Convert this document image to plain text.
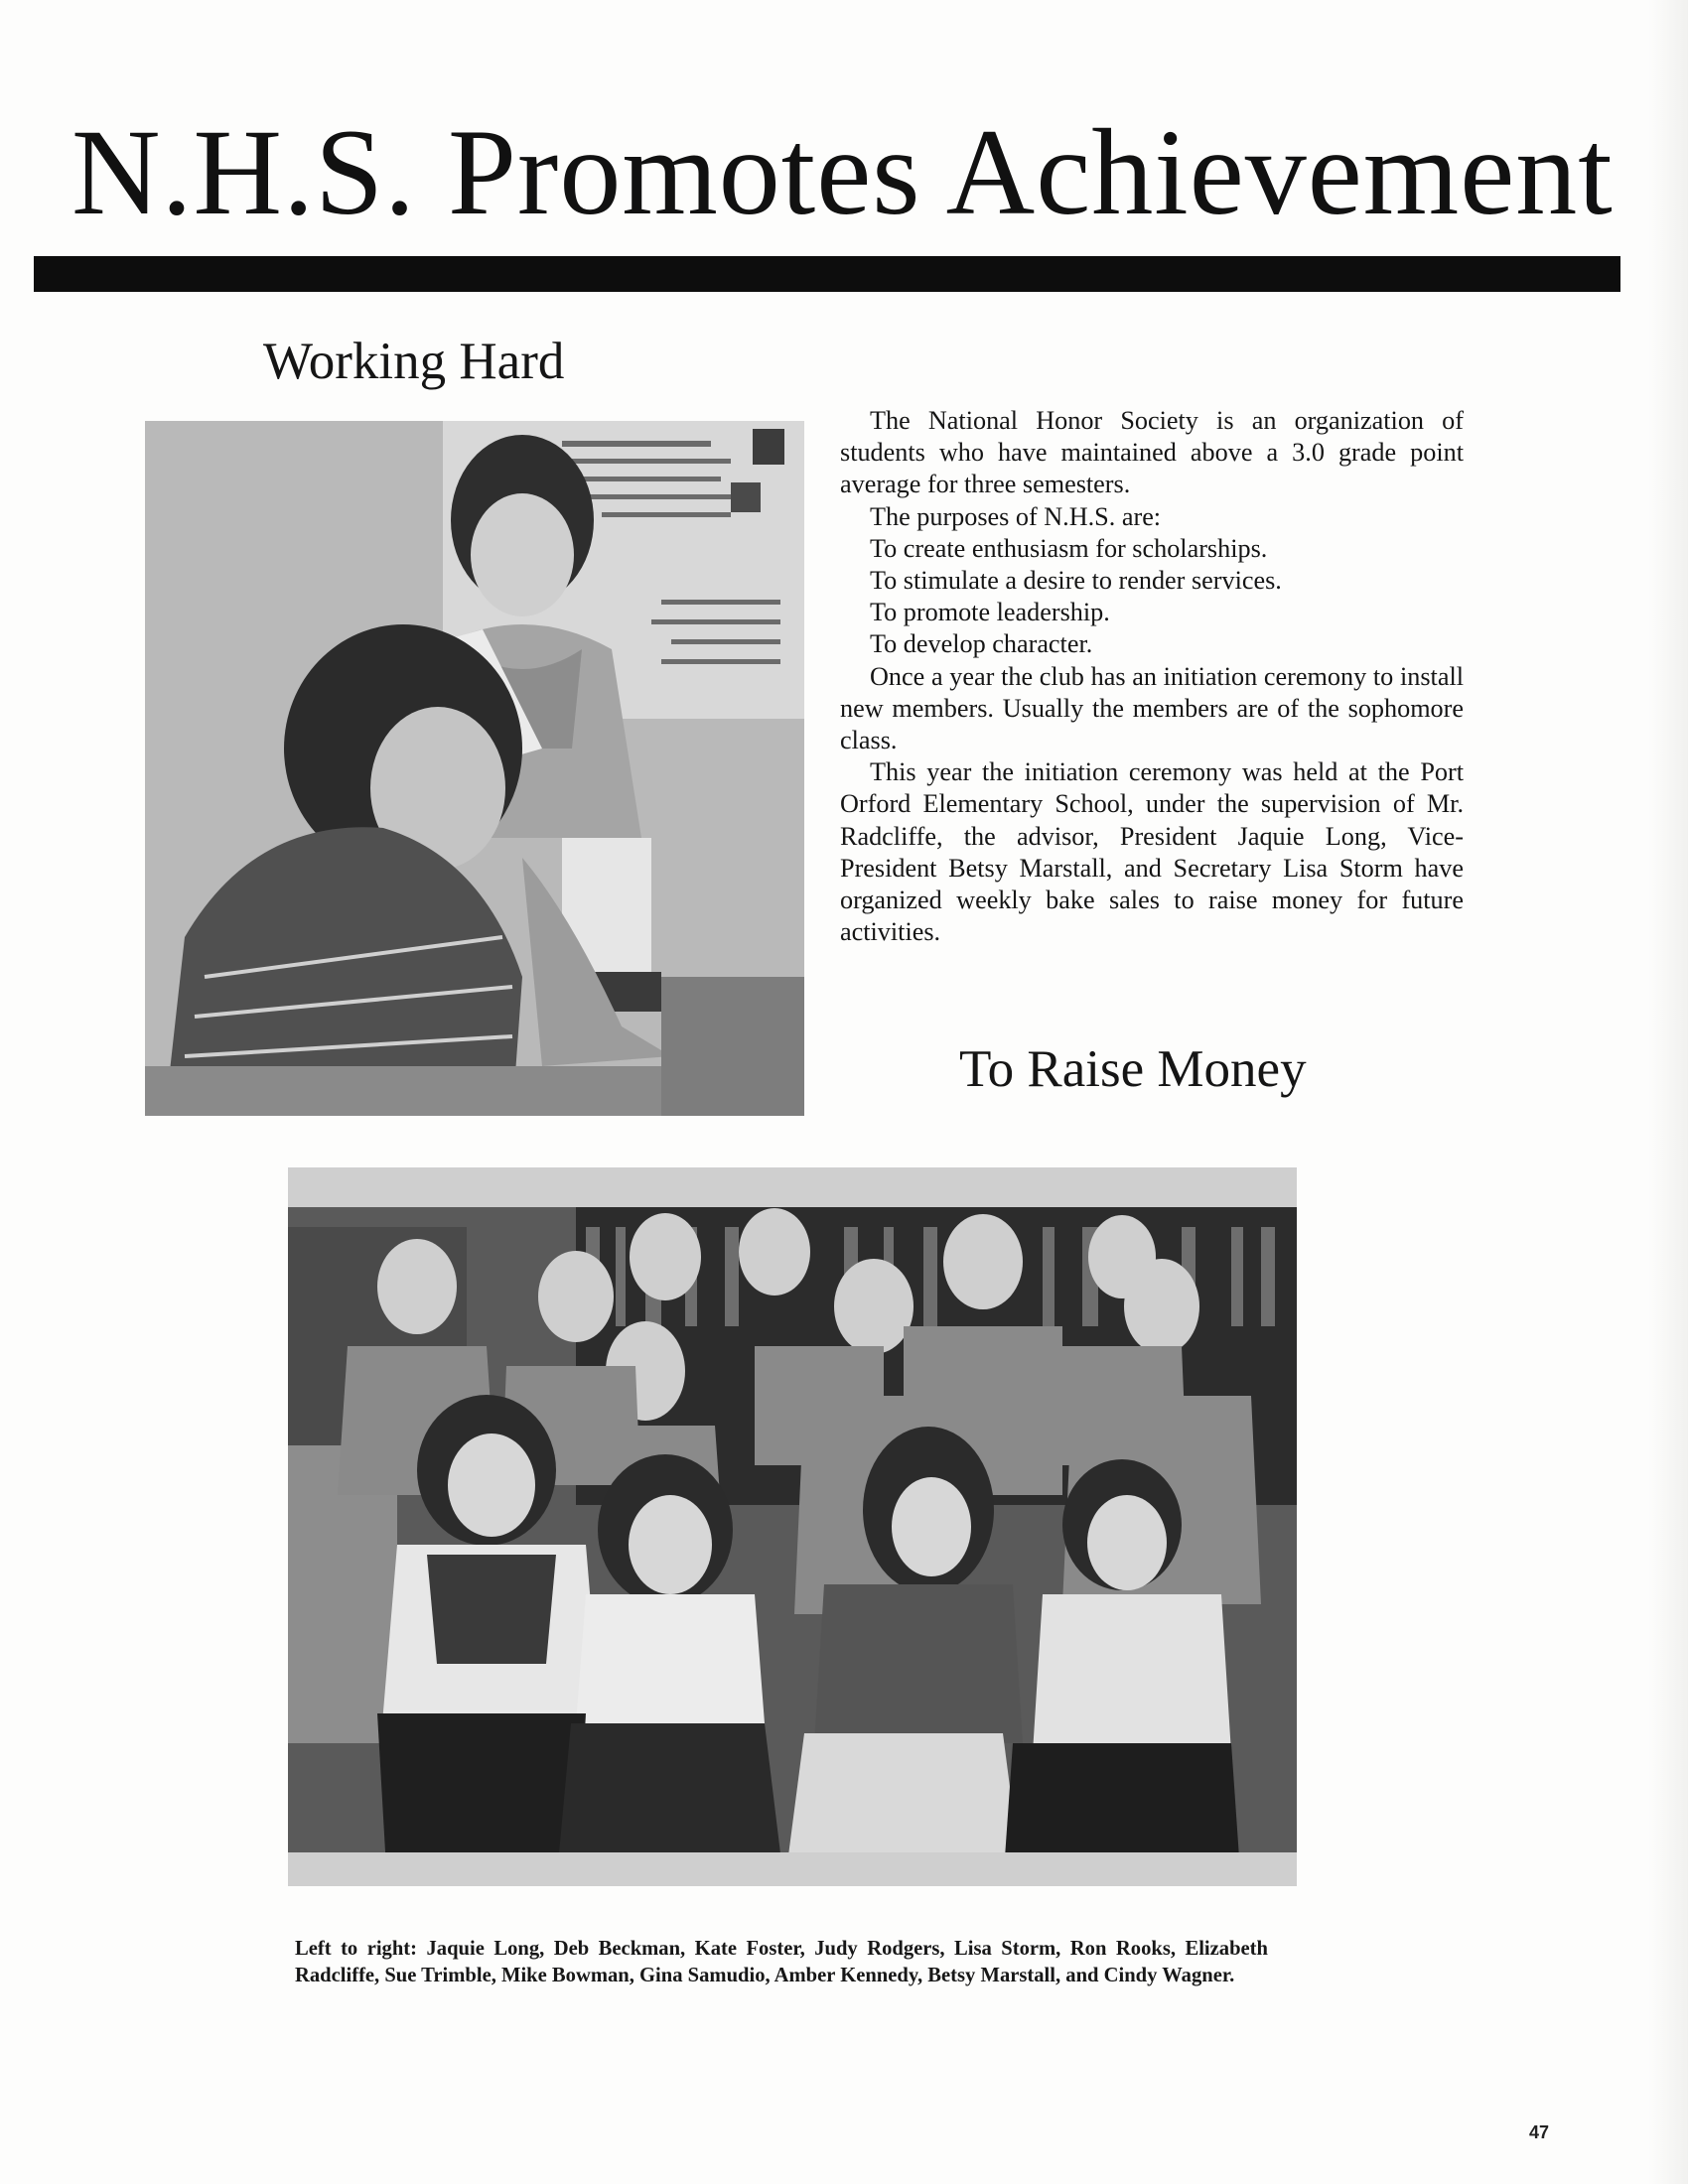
N.H.S. Promotes Achievement
Working Hard

The National Honor Society is an organization of students who have maintained above a 3.0 grade point average for three semesters.

The purposes of N.H.S. are:

To create enthusiasm for scholarships.

To stimulate a desire to render services.

To promote leadership.

To develop character.

Once a year the club has an initiation ceremony to install new members. Usually the members are of the sophomore class.

This year the initiation ceremony was held at the Port Orford Elementary School, under the supervision of Mr. Radcliffe, the advisor, President Jaquie Long, Vice-President Betsy Marstall, and Secretary Lisa Storm have organized weekly bake sales to raise money for future activities.

To Raise Money
Left to right: Jaquie Long, Deb Beckman, Kate Foster, Judy Rodgers, Lisa Storm, Ron Rooks, Elizabeth Radcliffe, Sue Trimble, Mike Bowman, Gina Samudio, Amber Kennedy, Betsy Marstall, and Cindy Wagner.
47
